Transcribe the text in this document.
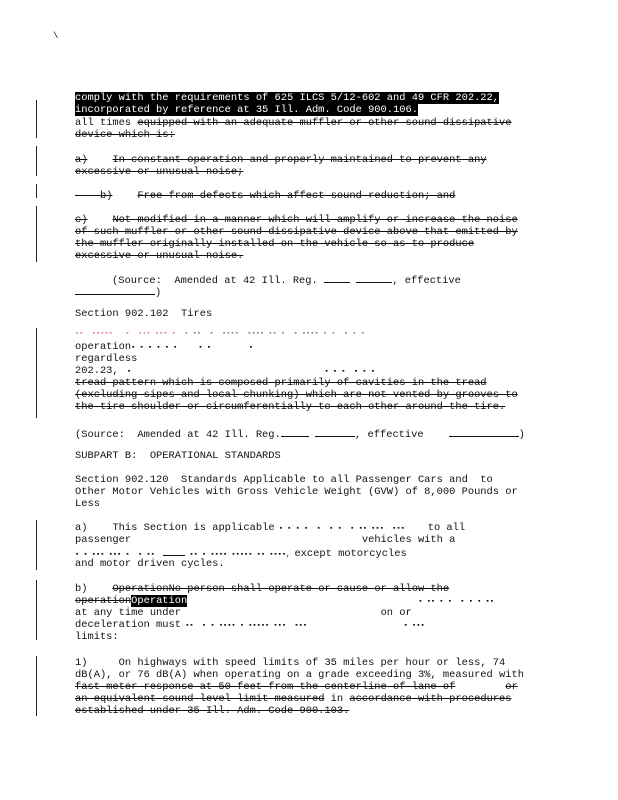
\
comply with the requirements of 625 ILCS 5/12-602 and 49 CFR 202.22,
incorporated by reference at 35 Ill. Adm. Code 900.106.
all times equipped with an adequate muffler or other sound dissipative
device which is:
a) In constant operation and properly maintained to prevent any
excessive or unusual noise;
b) Free from defects which affect sound reduction; and
c) Not modified in a manner which will amplify or increase the noise
of such muffler or other sound dissipative device above that emitted by
the muffler originally installed on the vehicle so as to produce
excessive or unusual noise.
(Source:  Amended at 42 Ill. Reg.	, effective
)
Section 902.102  Tires
▪▪  ▪▪▪▪▪   ▪  ▪▪▪ ▪▪▪ ▪  ▪ ▪▪  ▪  ▪▪▪▪  ▪▪▪▪ ▪▪ ▪  ▪ ▪▪▪▪ ▪ ▪  ▪ ▪ ▪
operation▪ ▪ ▪ ▪ ▪ ▪     ▪ ▪         ▪
regardless
202.23,  ▪                                              ▪ ▪ ▪  ▪ ▪ ▪
tread pattern which is composed primarily of cavities in the tread
(excluding sipes and local chunking) which are not vented by grooves to
the tire shoulder or circumferentially to each other around the tire.
(Source:  Amended at 42 Ill. Reg.	, effective	)
SUBPART B:  OPERATIONAL STANDARDS
Section 902.120  Standards Applicable to all Passenger Cars and  to
Other Motor Vehicles with Gross Vehicle Weight (GVW) of 8,000 Pounds or
Less
a) This Section is applicable ▪ ▪ ▪ ▪  ▪  ▪ ▪  ▪ ▪▪ ▪▪▪  ▪▪▪    to all
passenger	vehicles with a
▪ ▪ ▪▪▪ ▪▪▪ ▪  ▪ ▪▪	▪▪ ▪ ▪▪▪▪ ▪▪▪▪▪ ▪▪ ▪▪▪▪, except motorcycles
and motor driven cycles.
b) OperationNo person shall operate or cause or allow the
operationOperation                                                       ▪ ▪▪ ▪ ▪  ▪ ▪ ▪ ▪▪
at any time under	on or
deceleration must ▪▪  ▪ ▪ ▪▪▪▪ ▪ ▪▪▪▪▪ ▪▪▪  ▪▪▪                       ▪ ▪▪▪
limits:
1)	On highways with speed limits of 35 miles per hour or less, 74
dB(A), or 76 dB(A) when operating on a grade exceeding 3%, measured with
fast meter response at 50 feet from the centerline of lane of	or
an equivalent sound level limit measured in accordance with procedures
established under 35 Ill. Adm. Code 900.103.
